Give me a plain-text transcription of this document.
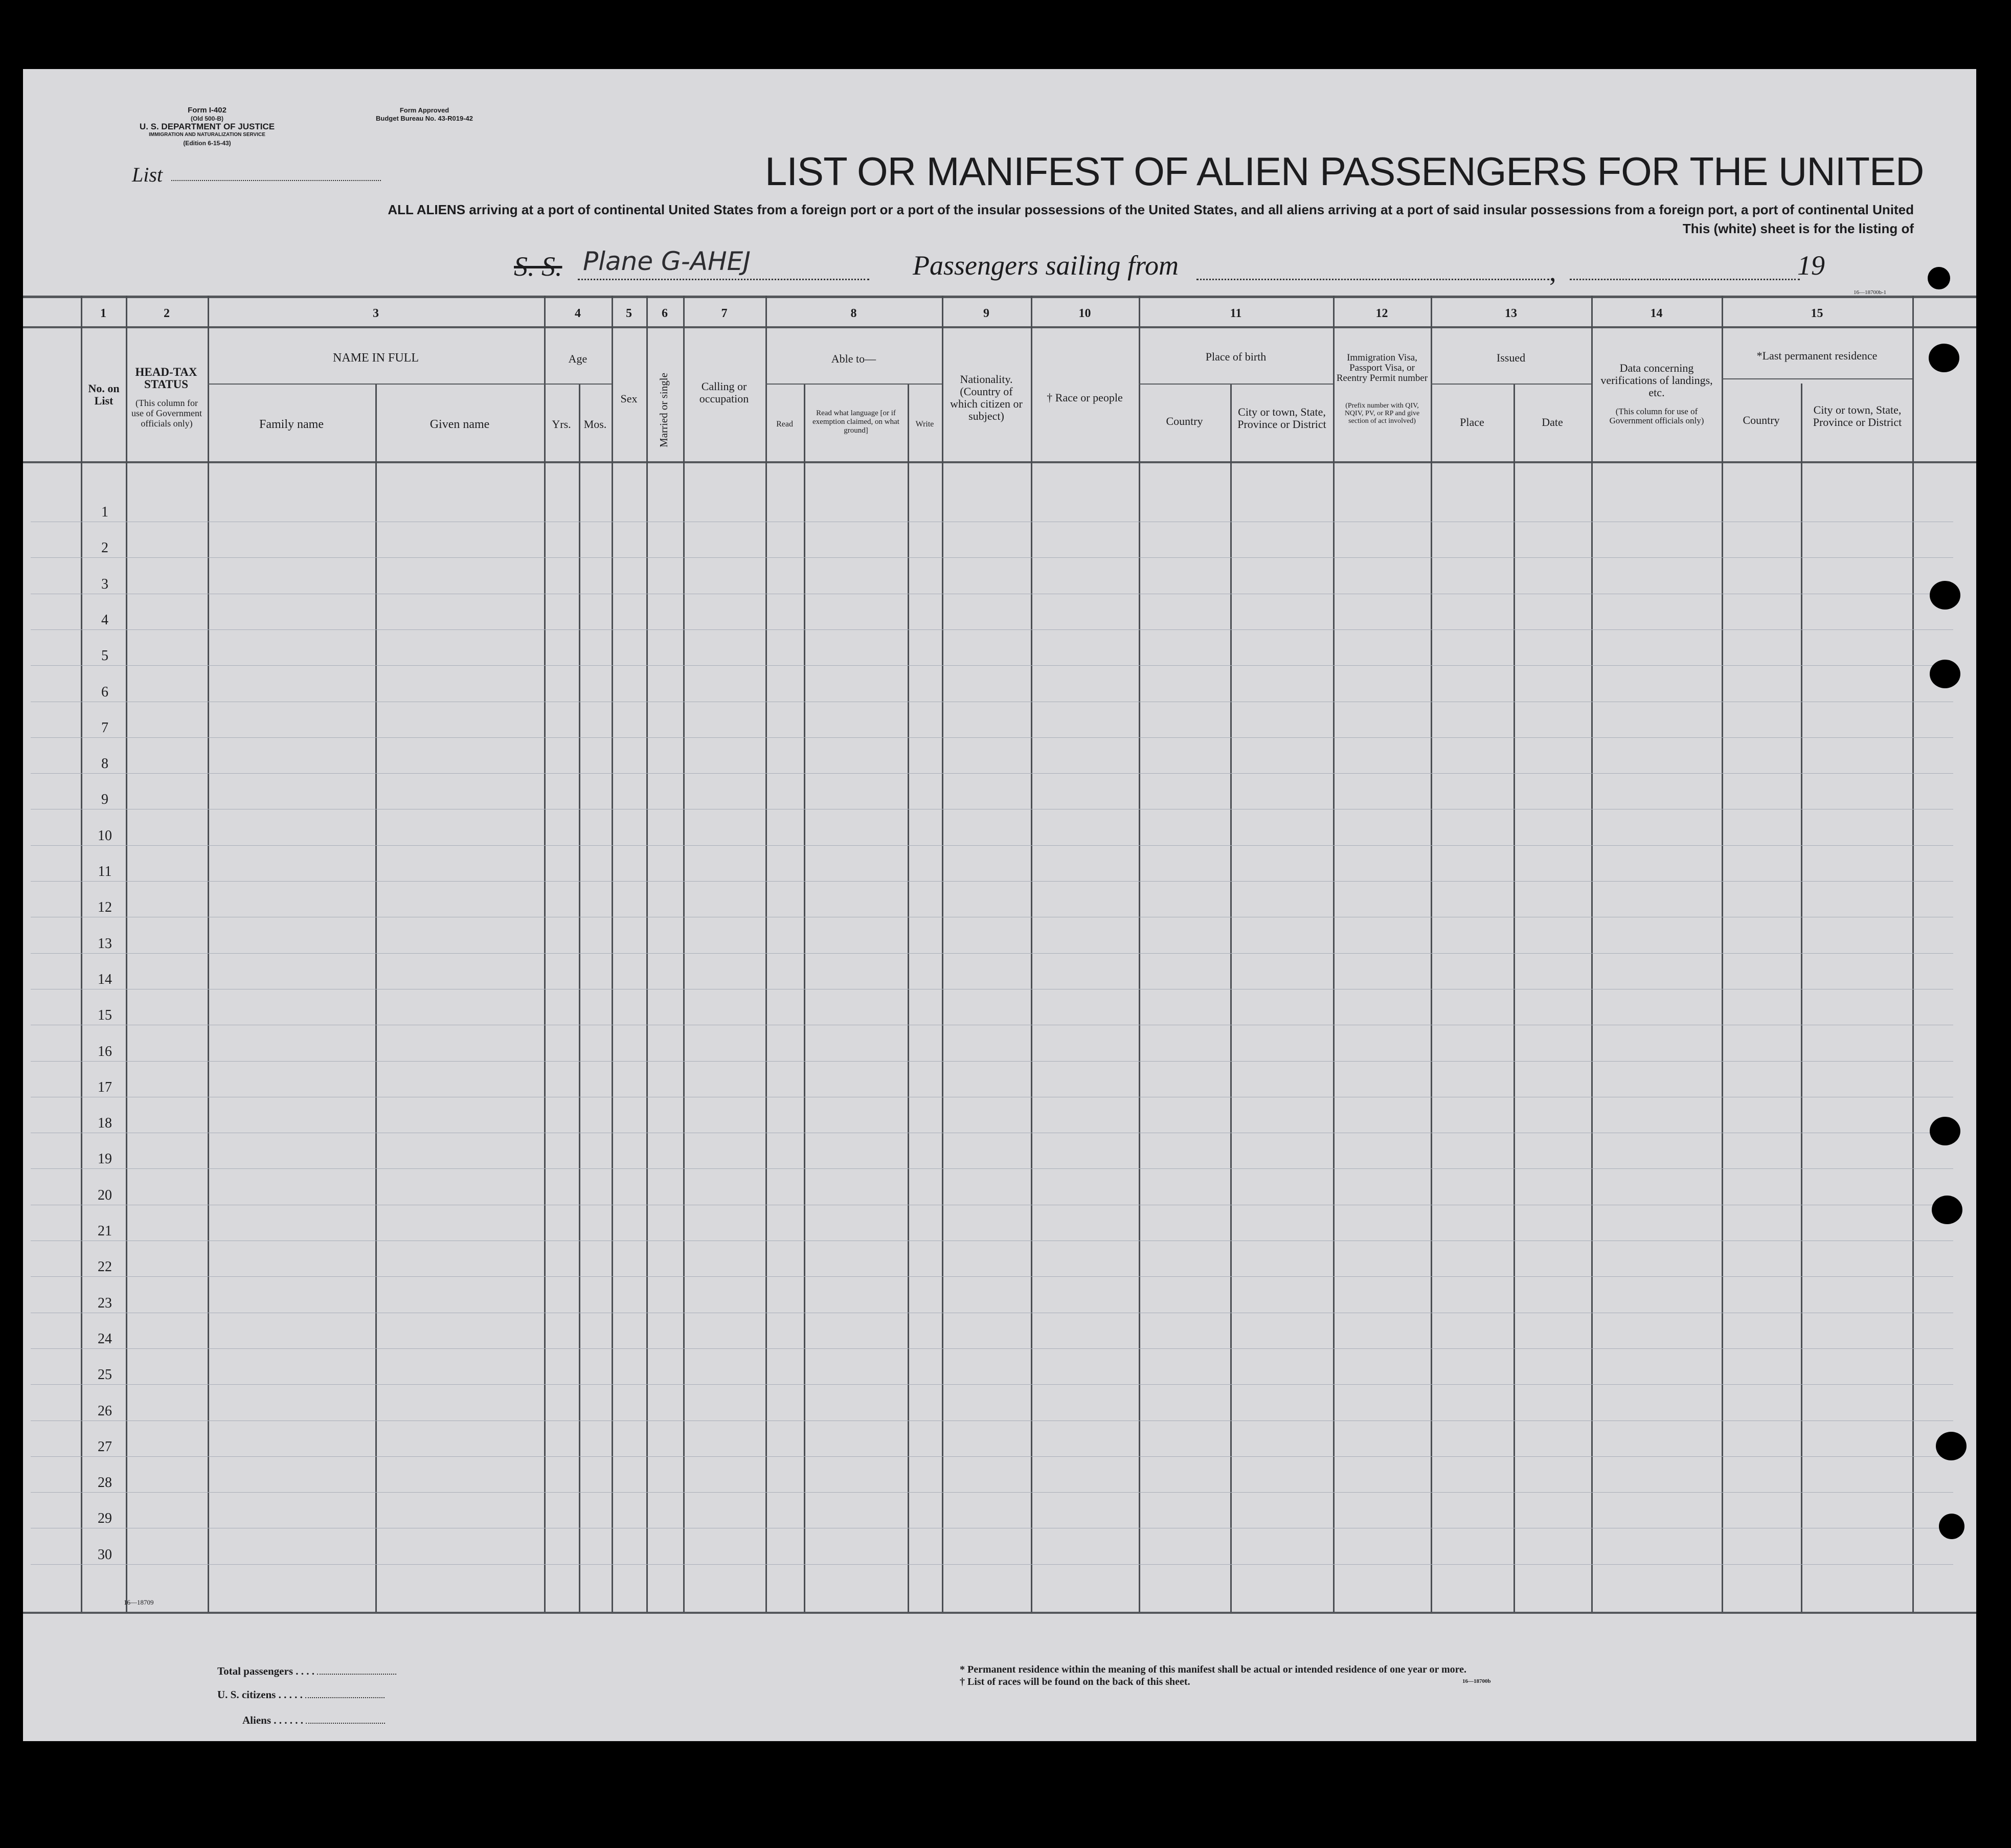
Form I-402
(Old 500-B)
U. S. DEPARTMENT OF JUSTICE
IMMIGRATION AND NATURALIZATION SERVICE
(Edition 6-15-43)
Form Approved
Budget Bureau No. 43-R019-42
List	LIST OR MANIFEST OF ALIEN PASSENGERS FOR THE UNITED
ALL ALIENS arriving at a port of continental United States from a foreign port or a port of the insular possessions of the United States, and all aliens arriving at a port of said insular possessions from a foreign port, a port of continental United
This (white) sheet is for the listing of
S. S. Plane G-AHEJ	Passengers sailing from	,	19
16—18700b-1
1	2	3	4	5	6	7	8	9	10	11	12	13	14	15
No. on List
HEAD-TAX STATUS
(This column for use of Government officials only)
NAME IN FULL
Family name	Given name
Age
Yrs.	Mos.
Sex	Married or single	Calling or occupation
Able to—
Read
Read what language [or if exemption claimed, on what ground]
Write
Nationality. (Country of which citizen or subject)
† Race or people
Place of birth
Country
City or town, State, Province or District
Immigration Visa, Passport Visa, or Reentry Permit number
(Prefix number with QIV, NQIV, PV, or RP and give section of act involved)
Issued
Place	Date
Data concerning verifications of landings, etc.
(This column for use of Government officials only)
*Last permanent residence
Country
City or town, State, Province or District
1
2
3
4
5
6
7
8
9
10
11
12
13
14
15
16
17
18
19
20
21
22
23
24
25
26
27
28
29
30
16—18709
Total passengers . . . .
U. S. citizens . . . . .
Aliens . . . . . .
* Permanent residence within the meaning of this manifest shall be actual or intended residence of one year or more.
† List of races will be found on the back of this sheet.	16—18700b
